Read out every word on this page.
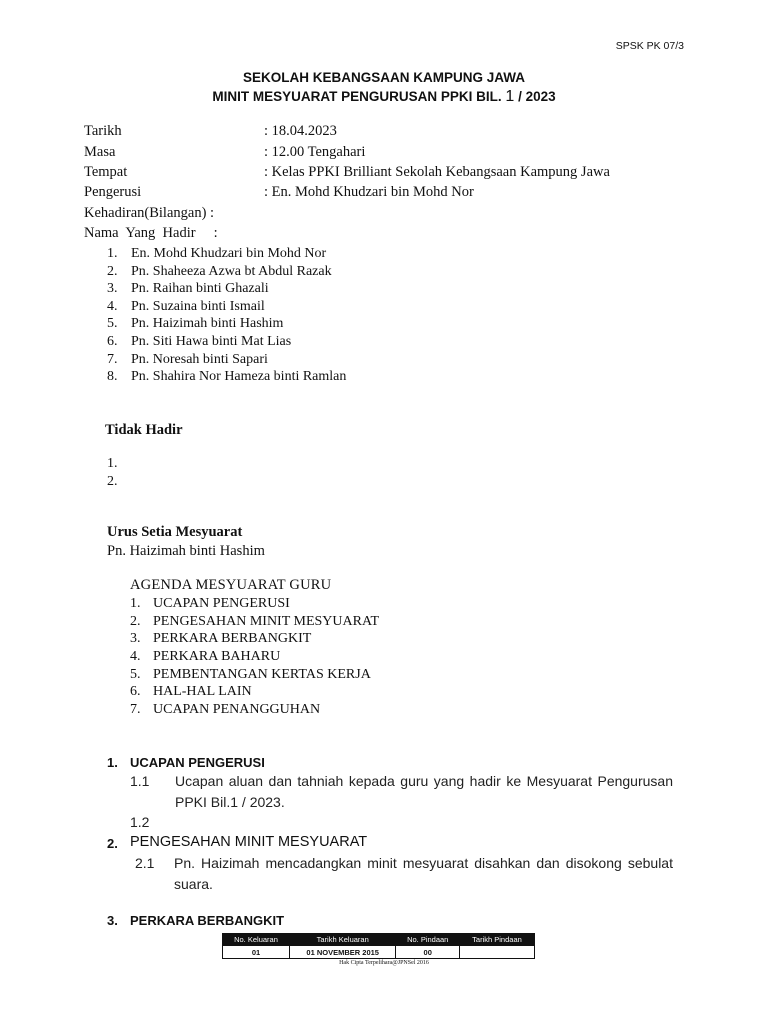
SPSK PK 07/3
SEKOLAH KEBANGSAAN KAMPUNG JAWA
MINIT MESYUARAT PENGURUSAN PPKI BIL. 1 / 2023
Tarikh	: 18.04.2023
Masa	: 12.00 Tengahari
Tempat	: Kelas PPKI Brilliant Sekolah Kebangsaan Kampung Jawa
Pengerusi	: En. Mohd Khudzari bin Mohd Nor
Kehadiran(Bilangan) :
Nama  Yang  Hadir     :
1. En. Mohd Khudzari bin Mohd Nor
2. Pn. Shaheeza Azwa bt Abdul Razak
3. Pn. Raihan binti Ghazali
4. Pn. Suzaina binti Ismail
5. Pn. Haizimah binti Hashim
6. Pn. Siti Hawa binti Mat Lias
7. Pn. Noresah binti Sapari
8. Pn. Shahira Nor Hameza binti Ramlan
Tidak Hadir
1.
2.
Urus Setia Mesyuarat
Pn. Haizimah binti Hashim
AGENDA MESYUARAT GURU
1. UCAPAN PENGERUSI
2. PENGESAHAN MINIT MESYUARAT
3. PERKARA BERBANGKIT
4. PERKARA BAHARU
5. PEMBENTANGAN KERTAS KERJA
6. HAL-HAL LAIN
7. UCAPAN PENANGGUHAN
1. UCAPAN PENGERUSI
1.1 Ucapan aluan dan tahniah kepada guru yang hadir ke Mesyuarat Pengurusan PPKI Bil.1 / 2023.
1.2
2. PENGESAHAN MINIT MESYUARAT
2.1 Pn. Haizimah mencadangkan minit mesyuarat disahkan dan disokong sebulat suara.
3. PERKARA BERBANGKIT
No. Keluaran	Tarikh Keluaran	No. Pindaan	Tarikh Pindaan
01	01 NOVEMBER 2015	00	
Hak Cipta Terpelihara@JPNSel 2016
